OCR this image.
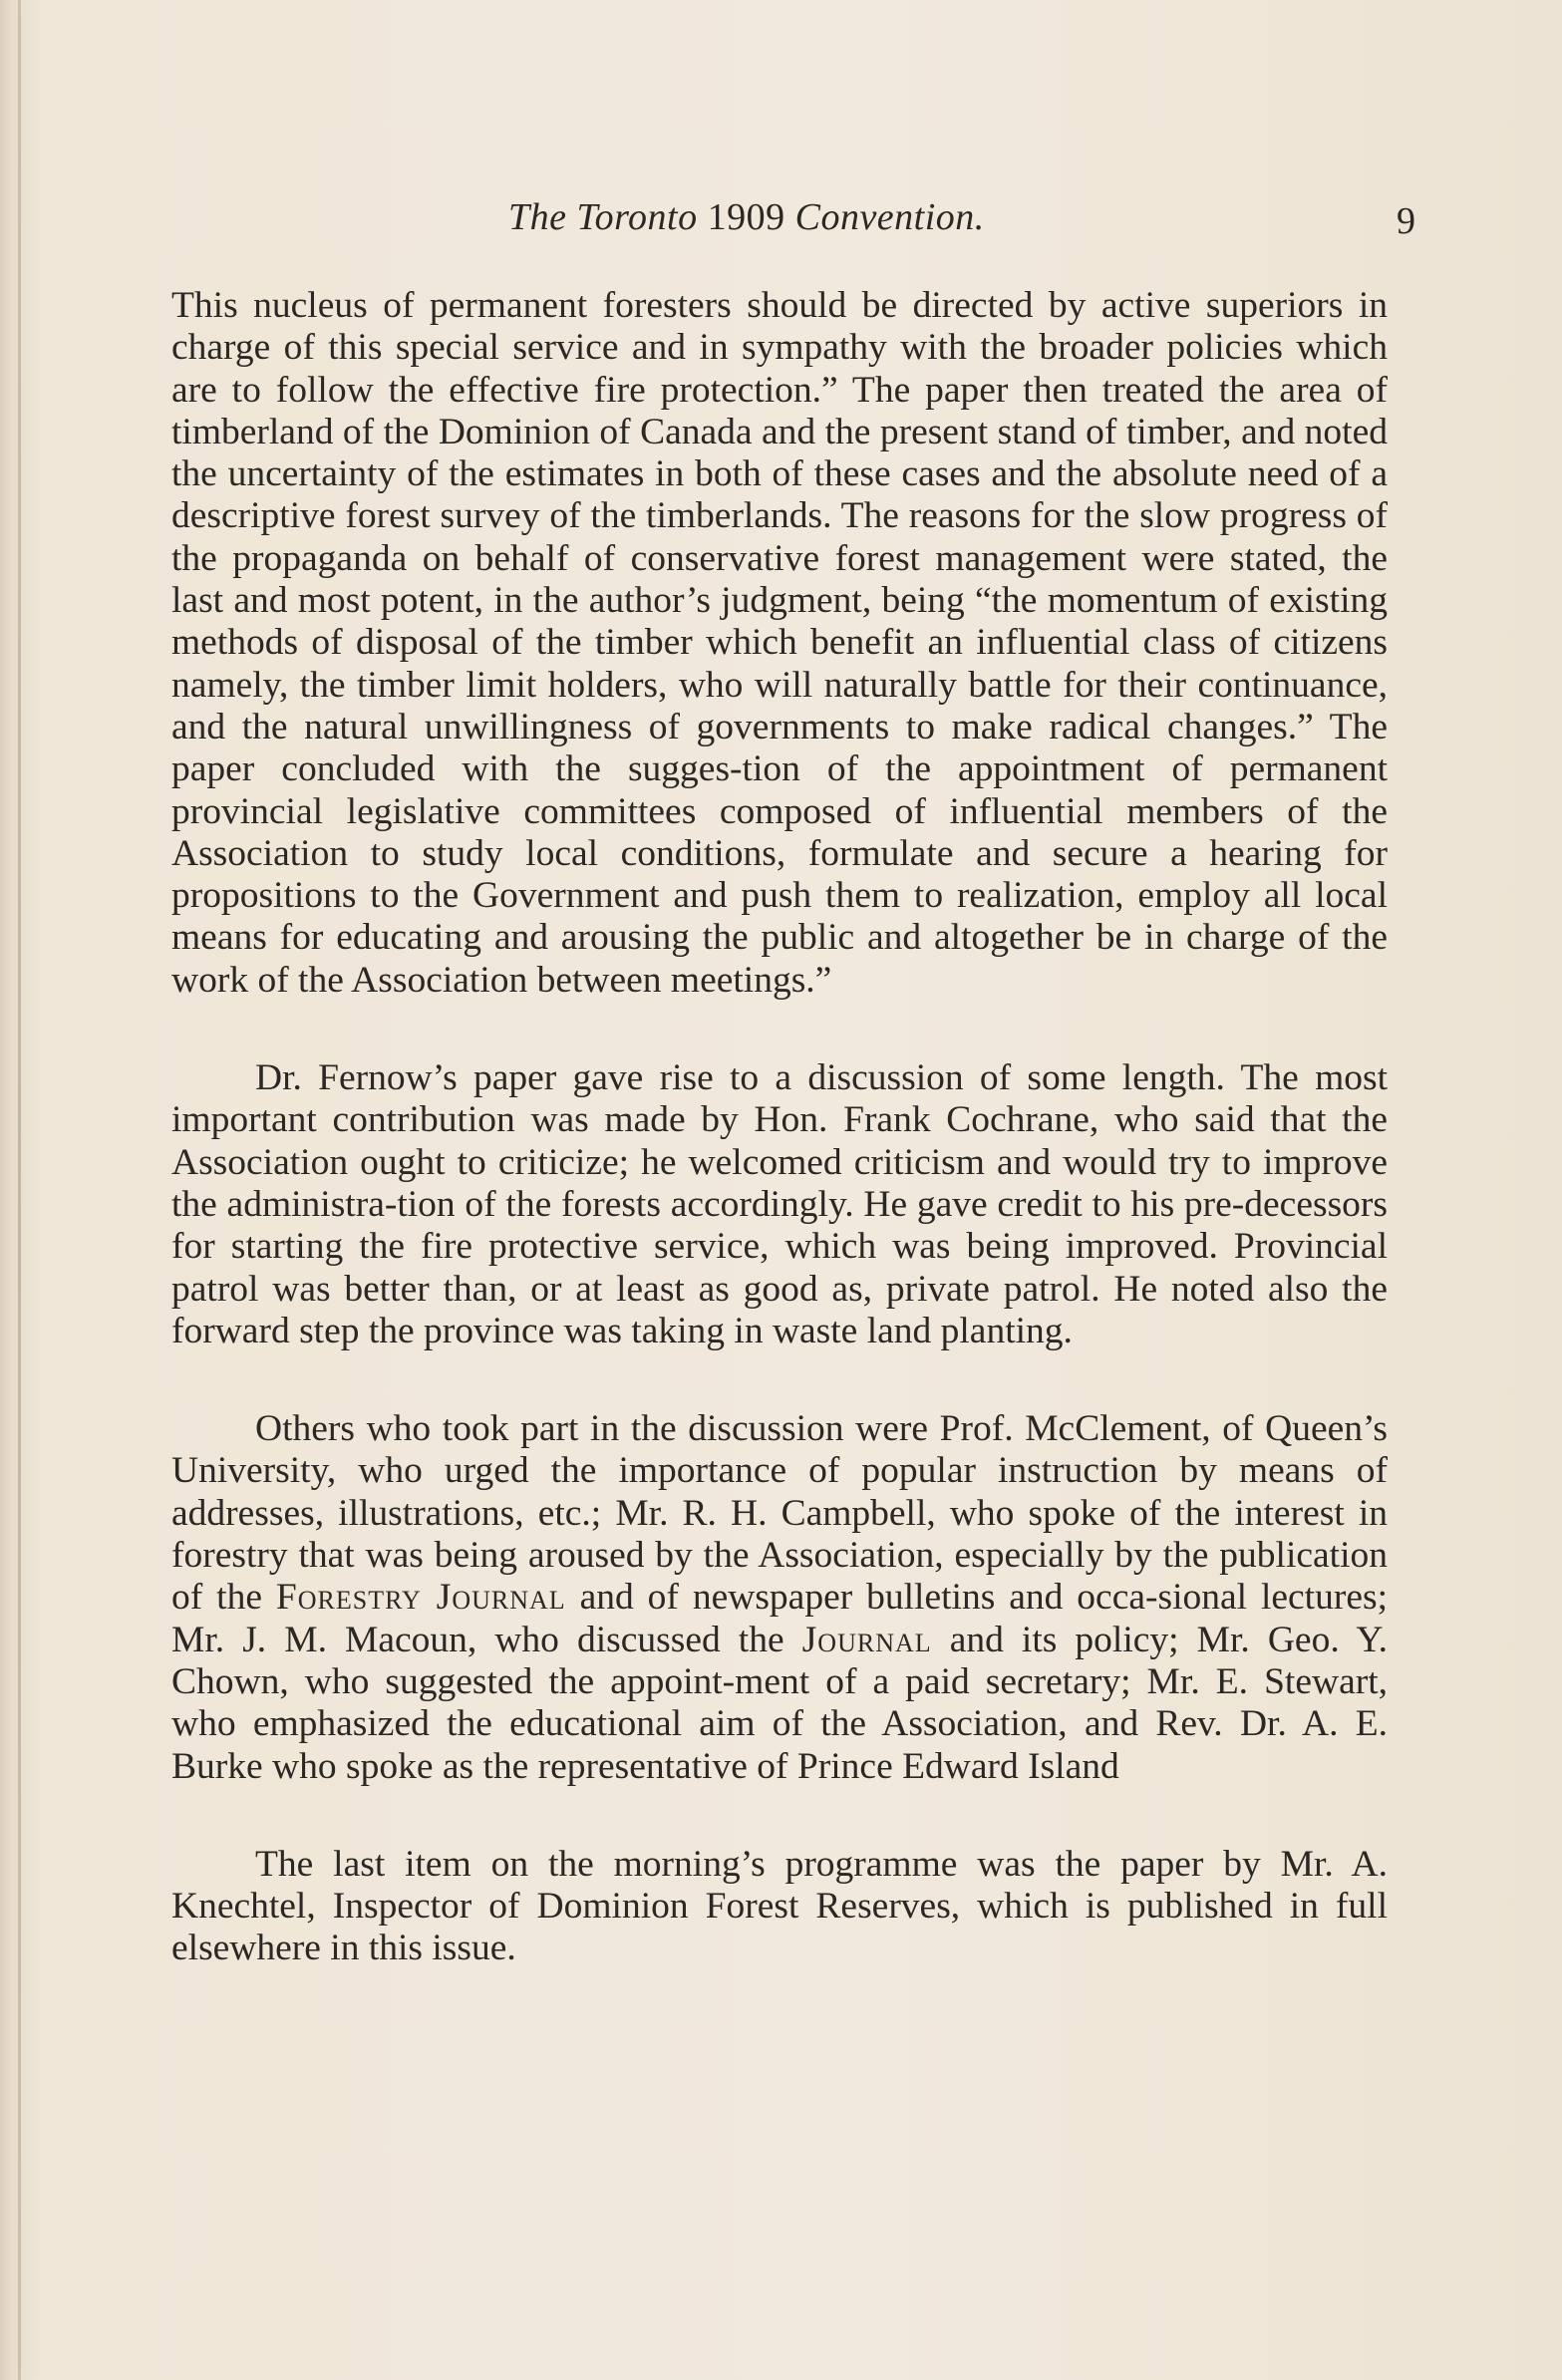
The Toronto 1909 Convention.	9

This nucleus of permanent foresters should be directed by active superiors in charge of this special service and in sympathy with the broader policies which are to follow the effective fire protection.” The paper then treated the area of timberland of the Dominion of Canada and the present stand of timber, and noted the uncertainty of the estimates in both of these cases and the absolute need of a descriptive forest survey of the timberlands. The reasons for the slow progress of the propaganda on behalf of conservative forest management were stated, the last and most potent, in the author’s judgment, being “the momentum of existing methods of disposal of the timber which benefit an influential class of citizens namely, the timber limit holders, who will naturally battle for their continuance, and the natural unwillingness of governments to make radical changes.” The paper concluded with the sugges-tion of the appointment of permanent provincial legislative committees composed of influential members of the Association to study local conditions, formulate and secure a hearing for propositions to the Government and push them to realization, employ all local means for educating and arousing the public and altogether be in charge of the work of the Association between meetings.”

Dr. Fernow’s paper gave rise to a discussion of some length. The most important contribution was made by Hon. Frank Cochrane, who said that the Association ought to criticize; he welcomed criticism and would try to improve the administra-tion of the forests accordingly. He gave credit to his pre-decessors for starting the fire protective service, which was being improved. Provincial patrol was better than, or at least as good as, private patrol. He noted also the forward step the province was taking in waste land planting.

Others who took part in the discussion were Prof. McClement, of Queen’s University, who urged the importance of popular instruction by means of addresses, illustrations, etc.; Mr. R. H. Campbell, who spoke of the interest in forestry that was being aroused by the Association, especially by the publication of the Forestry Journal and of newspaper bulletins and occa-sional lectures; Mr. J. M. Macoun, who discussed the Journal and its policy; Mr. Geo. Y. Chown, who suggested the appoint-ment of a paid secretary; Mr. E. Stewart, who emphasized the educational aim of the Association, and Rev. Dr. A. E. Burke who spoke as the representative of Prince Edward Island

The last item on the morning’s programme was the paper by Mr. A. Knechtel, Inspector of Dominion Forest Reserves, which is published in full elsewhere in this issue.
